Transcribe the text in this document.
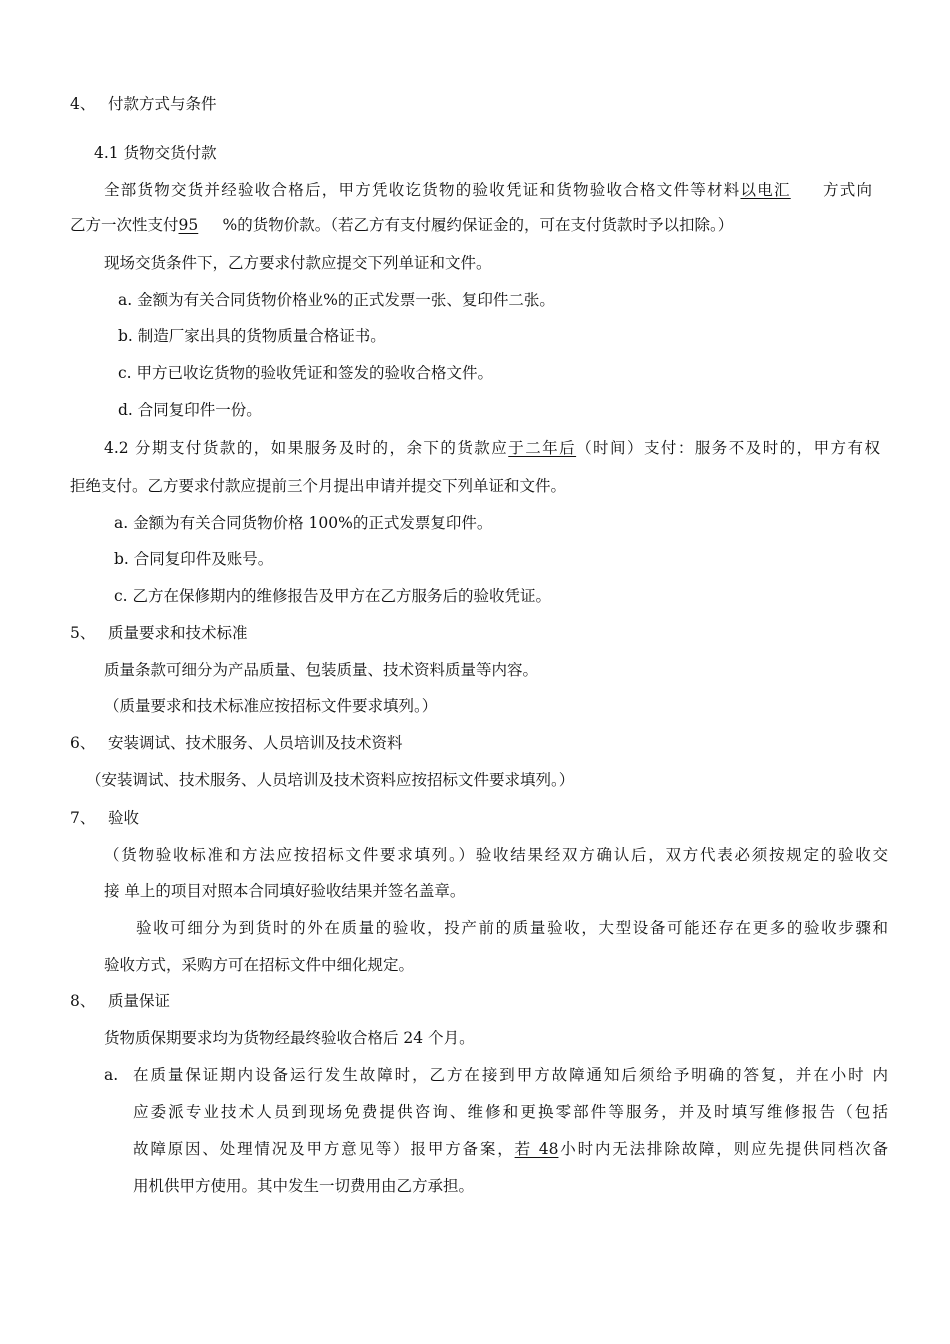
4、 付款方式与条件
4.1 货物交货付款
全部货物交货并经验收合格后，甲方凭收讫货物的验收凭证和货物验收合格文件等材料以电汇   方式向
乙方一次性支付95 %的货物价款。（若乙方有支付履约保证金的，可在支付货款时予以扣除。）
现场交货条件下，乙方要求付款应提交下列单证和文件。
a. 金额为有关合同货物价格业%的正式发票一张、复印件二张。
b. 制造厂家出具的货物质量合格证书。
c. 甲方已收讫货物的验收凭证和签发的验收合格文件。
d. 合同复印件一份。
4.2 分期支付货款的，如果服务及时的，余下的货款应于二年后（时间）支付：服务不及时的，甲方有权
拒绝支付。乙方要求付款应提前三个月提出申请并提交下列单证和文件。
a. 金额为有关合同货物价格 100%的正式发票复印件。
b. 合同复印件及账号。
c. 乙方在保修期内的维修报告及甲方在乙方服务后的验收凭证。
5、 质量要求和技术标准
质量条款可细分为产品质量、包装质量、技术资料质量等内容。
（质量要求和技术标准应按招标文件要求填列。）
6、 安装调试、技术服务、人员培训及技术资料
（安装调试、技术服务、人员培训及技术资料应按招标文件要求填列。）
7、 验收
（货物验收标准和方法应按招标文件要求填列。）验收结果经双方确认后，双方代表必须按规定的验收交
接 单上的项目对照本合同填好验收结果并签名盖章。
验收可细分为到货时的外在质量的验收，投产前的质量验收，大型设备可能还存在更多的验收步骤和
验收方式，采购方可在招标文件中细化规定。
8、 质量保证
货物质保期要求均为货物经最终验收合格后 24 个月。
a. 在质量保证期内设备运行发生故障时，乙方在接到甲方故障通知后须给予明确的答复，并在小时 内
应委派专业技术人员到现场免费提供咨询、维修和更换零部件等服务，并及时填写维修报告（包括
故障原因、处理情况及甲方意见等）报甲方备案，若 48小时内无法排除故障，则应先提供同档次备
用机供甲方使用。其中发生一切费用由乙方承担。
